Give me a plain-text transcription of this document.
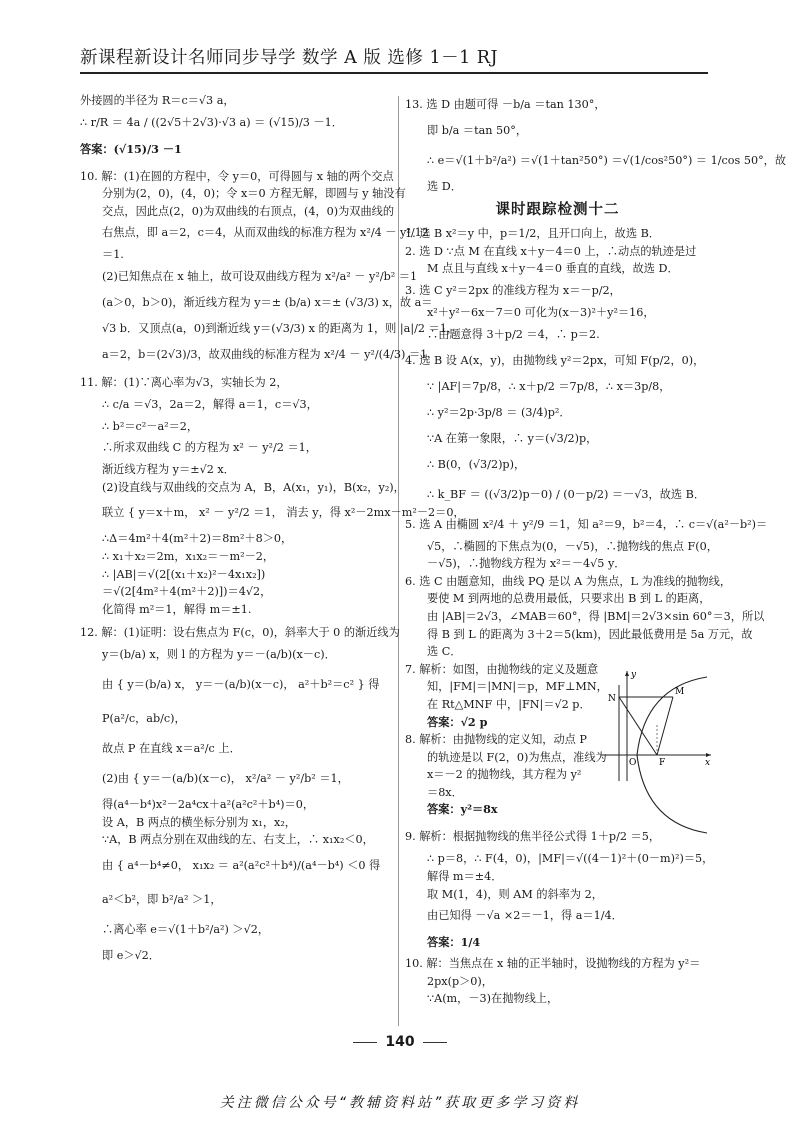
新课程新设计名师同步导学 数学 A 版 选修 1－1 RJ
外接圆的半径为 R＝c＝√3 a，
∴ r/R ＝ 4a / ((2√5＋2√3)·√3 a) ＝ (√15)/3 －1．
答案：(√15)/3 －1
10. 解：(1)在圆的方程中，令 y＝0，可得圆与 x 轴的两个交点
分别为(2，0)，(4，0)；令 x＝0 方程无解，即圆与 y 轴没有
交点，因此点(2，0)为双曲线的右顶点，(4，0)为双曲线的
右焦点，即 a＝2，c＝4，从而双曲线的标准方程为 x²/4 － y²/12
＝1.
(2)已知焦点在 x 轴上，故可设双曲线方程为 x²/a² － y²/b² ＝1
(a＞0，b＞0)，渐近线方程为 y＝± (b/a) x＝± (√3/3) x，故 a＝
√3 b．又顶点(a，0)到渐近线 y＝(√3/3) x 的距离为 1，则 |a|/2 ＝1，
a＝2，b＝(2√3)/3，故双曲线的标准方程为 x²/4 － y²/(4/3) ＝1.
11. 解：(1)∵离心率为√3，实轴长为 2，
∴ c/a ＝√3，2a＝2，解得 a＝1，c＝√3，
∴ b²＝c²－a²＝2，
∴所求双曲线 C 的方程为 x² － y²/2 ＝1，
渐近线方程为 y＝±√2 x．
(2)设直线与双曲线的交点为 A，B，A(x₁，y₁)，B(x₂，y₂)，
联立 { y＝x＋m， x² － y²/2 ＝1， 消去 y，得 x²－2mx－m²－2＝0，
∴Δ＝4m²＋4(m²＋2)＝8m²＋8＞0，
∴ x₁＋x₂＝2m，x₁x₂＝－m²－2，
∴ |AB|＝√(2[(x₁＋x₂)²－4x₁x₂])
＝√(2[4m²＋4(m²＋2)])＝4√2，
化简得 m²＝1，解得 m＝±1.
12. 解：(1)证明：设右焦点为 F(c，0)，斜率大于 0 的渐近线为
y＝(b/a) x，则 l 的方程为 y＝－(a/b)(x－c)．
由 { y＝(b/a) x， y＝－(a/b)(x－c)， a²＋b²＝c² } 得 P(a²/c，ab/c)，
故点 P 在直线 x＝a²/c 上．
(2)由 { y＝－(a/b)(x－c)， x²/a² － y²/b² ＝1，
得(a⁴－b⁴)x²－2a⁴cx＋a²(a²c²＋b⁴)＝0，
设 A，B 两点的横坐标分别为 x₁，x₂，
∵A，B 两点分别在双曲线的左、右支上，∴ x₁x₂＜0，
由 { a⁴－b⁴≠0， x₁x₂ ＝ a²(a²c²＋b⁴)/(a⁴－b⁴) ＜0 得 a²＜b²，即 b²/a² ＞1，
∴离心率 e＝√(1＋b²/a²) ＞√2，
即 e＞√2．
13. 选 D 由题可得 －b/a ＝tan 130°，
即 b/a ＝tan 50°，
∴ e＝√(1＋b²/a²) ＝√(1＋tan²50°) ＝√(1/cos²50°) ＝ 1/cos 50°，故
选 D．
课时跟踪检测十二
1. 选 B x²＝y 中，p＝1/2，且开口向上，故选 B．
2. 选 D ∵点 M 在直线 x＋y－4＝0 上，∴动点的轨迹是过
M 点且与直线 x＋y－4＝0 垂直的直线，故选 D．
3. 选 C y²＝2px 的准线方程为 x＝－p/2，
x²＋y²－6x－7＝0 可化为(x－3)²＋y²＝16，
∴由题意得 3＋p/2 ＝4，∴ p＝2.
4. 选 B 设 A(x，y)，由抛物线 y²＝2px，可知 F(p/2，0)，
∵ |AF|＝7p/8，∴ x＋p/2 ＝7p/8，∴ x＝3p/8，
∴ y²＝2p·3p/8 ＝ (3/4)p²．
∵A 在第一象限，∴ y＝(√3/2)p，
∴ B(0，(√3/2)p)，
∴ k_BF ＝ ((√3/2)p－0) / (0－p/2) ＝－√3，故选 B．
5. 选 A 由椭圆 x²/4 ＋ y²/9 ＝1，知 a²＝9，b²＝4，∴ c＝√(a²－b²)＝
√5，∴椭圆的下焦点为(0，－√5)，∴抛物线的焦点 F(0，
－√5)，∴抛物线方程为 x²＝－4√5 y．
6. 选 C 由题意知，曲线 PQ 是以 A 为焦点，L 为准线的抛物线，
要使 M 到两地的总费用最低，只要求出 B 到 L 的距离，
由 |AB|＝2√3，∠MAB＝60°，得 |BM|＝2√3×sin 60°＝3，所以
得 B 到 L 的距离为 3＋2＝5(km)，因此最低费用是 5a 万元，故
选 C．
7. 解析：如图，由抛物线的定义及题意
知，|FM|＝|MN|＝p，MF⊥MN，
在 Rt△MNF 中，|FN|＝√2 p．
答案：√2 p
8. 解析：由抛物线的定义知，动点 P
的轨迹是以 F(2，0)为焦点，准线为
x＝－2 的抛物线，其方程为 y²
＝8x．
y
x
O	F
N
M
答案：y²＝8x
9. 解析：根据抛物线的焦半径公式得 1＋p/2 ＝5，
∴ p＝8，∴ F(4，0)，|MF|＝√((4－1)²＋(0－m)²)＝5，
解得 m＝±4．
取 M(1，4)，则 AM 的斜率为 2，
由已知得 －√a ×2＝－1，得 a＝1/4．
答案：1/4
10. 解：当焦点在 x 轴的正半轴时，设抛物线的方程为 y²＝
2px(p＞0)，
∵A(m，－3)在抛物线上，
140
关注微信公众号“教辅资料站”获取更多学习资料
